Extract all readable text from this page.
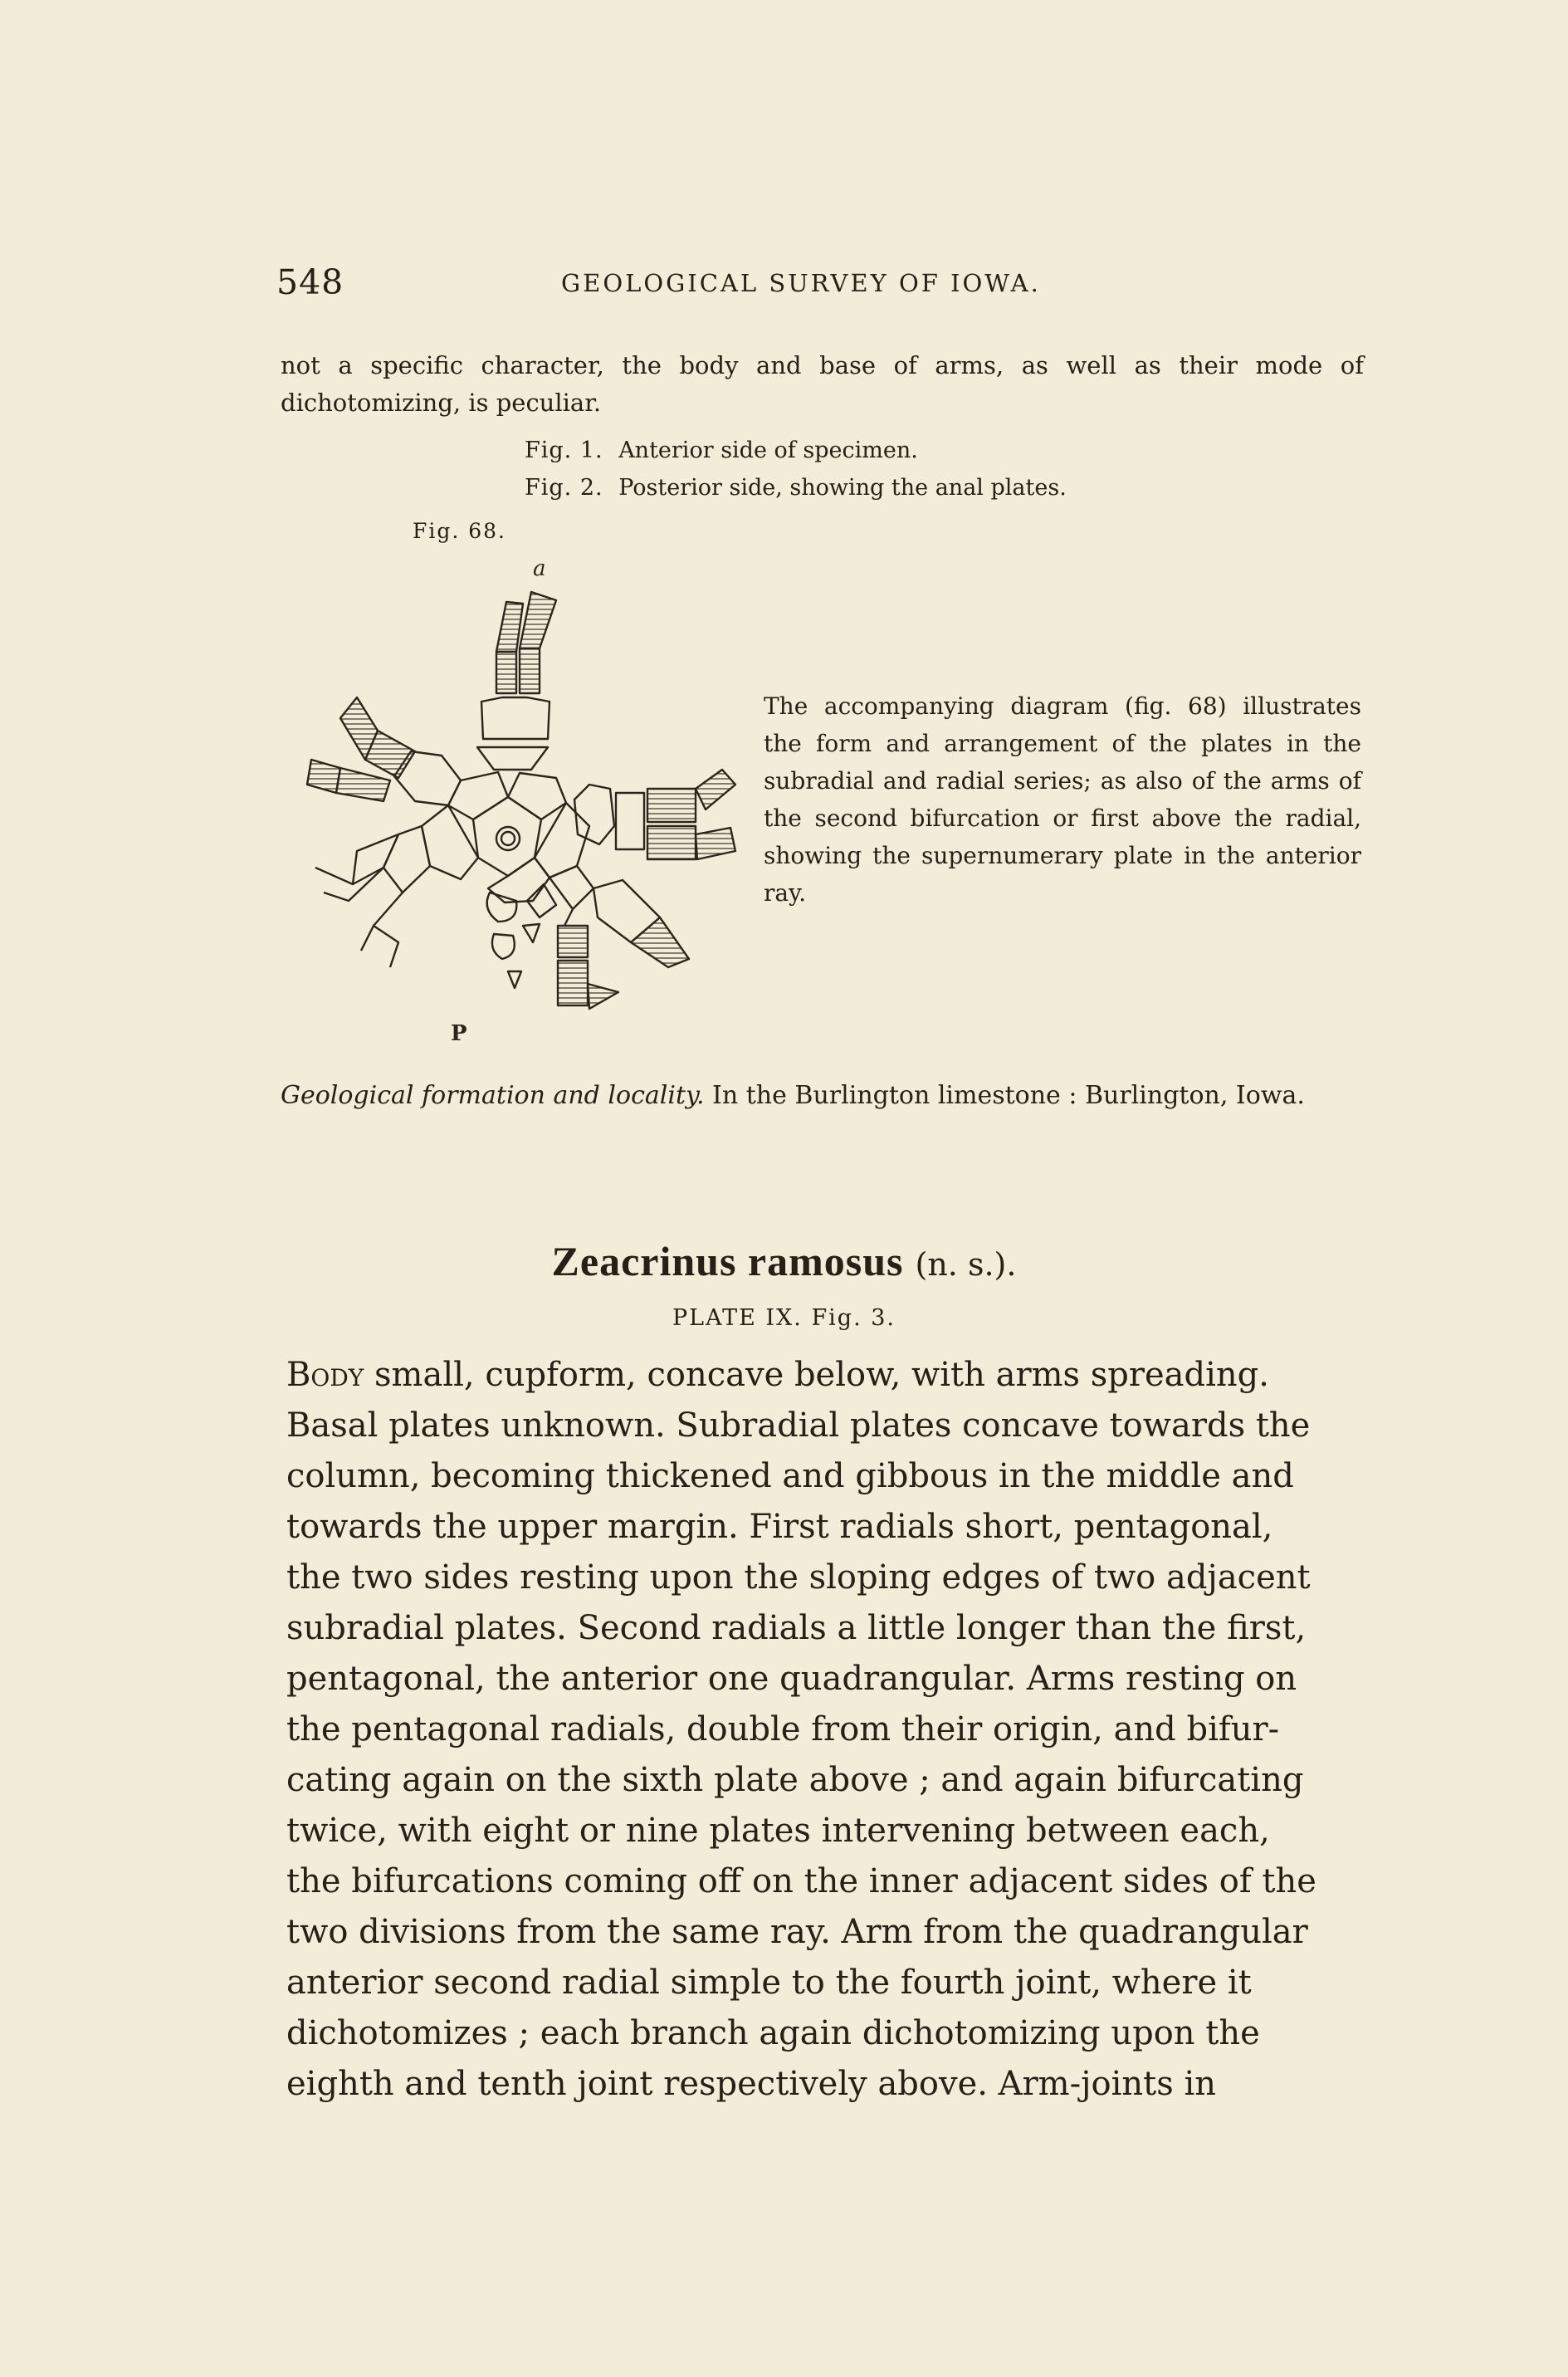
548	GEOLOGICAL SURVEY OF IOWA.

not a specific character, the body and base of arms, as well as their mode of dichotomizing, is peculiar.

Fig. 1. Anterior side of specimen.
Fig. 2. Posterior side, showing the anal plates.
Fig. 68.
a
P

The accompanying diagram (fig. 68) illustrates the form and arrangement of the plates in the subradial and radial series; as also of the arms of the second bifurcation or first above the radial, showing the supernumerary plate in the anterior ray.

Geological formation and locality. In the Burlington limestone : Burlington, Iowa.

Zeacrinus ramosus (n. s.).
PLATE IX. Fig. 3.
Body small, cupform, concave below, with arms spreading.
Basal plates unknown. Subradial plates concave towards the
column, becoming thickened and gibbous in the middle and
towards the upper margin. First radials short, pentagonal,
the two sides resting upon the sloping edges of two adjacent
subradial plates. Second radials a little longer than the first,
pentagonal, the anterior one quadrangular. Arms resting on
the pentagonal radials, double from their origin, and bifur-
cating again on the sixth plate above ; and again bifurcating
twice, with eight or nine plates intervening between each,
the bifurcations coming off on the inner adjacent sides of the
two divisions from the same ray. Arm from the quadrangular
anterior second radial simple to the fourth joint, where it
dichotomizes ; each branch again dichotomizing upon the
eighth and tenth joint respectively above. Arm-joints in
